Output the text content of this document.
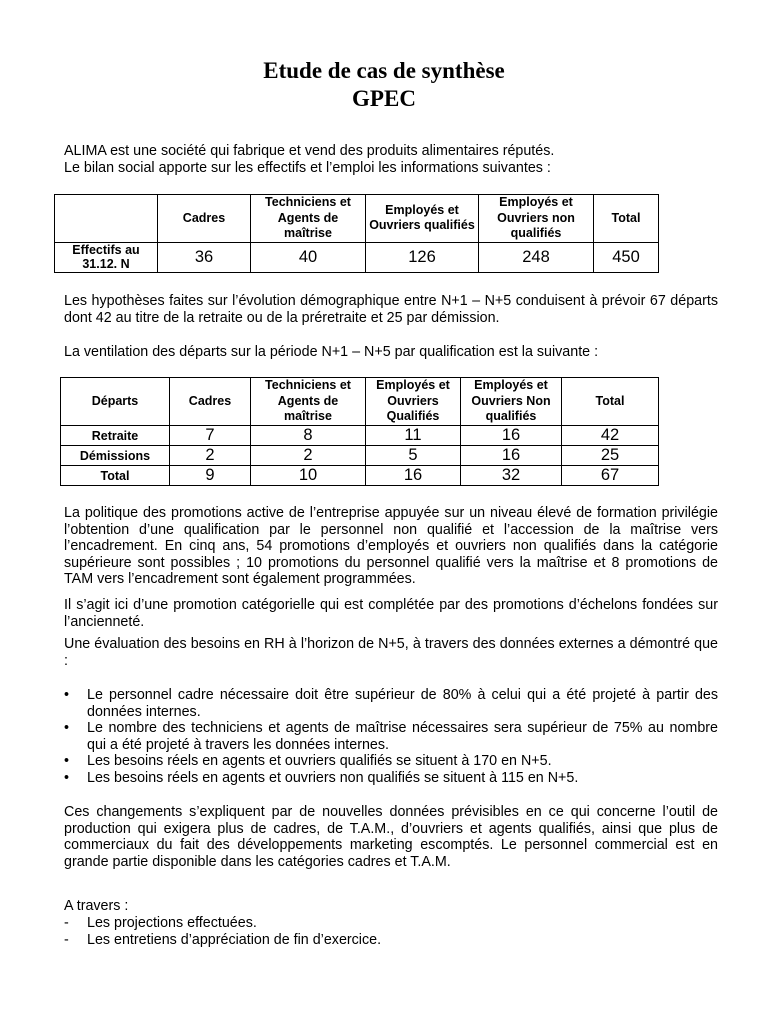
Etude de cas de synthèse
GPEC
ALIMA est une société qui fabrique et vend des produits alimentaires réputés.
Le bilan social apporte sur les effectifs et l’emploi les informations suivantes :
	Cadres	Techniciens et Agents de maîtrise	Employés et Ouvriers qualifiés	Employés et Ouvriers non qualifiés	Total
Effectifs au 31.12. N	36	40	126	248	450
Les hypothèses faites sur l’évolution démographique entre N+1 – N+5 conduisent à prévoir 67 départs dont 42 au titre de la retraite ou de la préretraite et 25 par démission.
La ventilation des départs sur la période N+1 – N+5 par qualification est la suivante :
Départs	Cadres	Techniciens et Agents de maîtrise	Employés et Ouvriers Qualifiés	Employés et Ouvriers Non qualifiés	Total
Retraite	7	8	11	16	42
Démissions	2	2	5	16	25
Total	9	10	16	32	67
La politique des promotions active de l’entreprise appuyée sur un niveau élevé de formation privilégie l’obtention d’une qualification par le personnel non qualifié et l’accession de la maîtrise vers l’encadrement. En cinq ans, 54 promotions d’employés et ouvriers non qualifiés dans la catégorie supérieure sont possibles ; 10 promotions du personnel qualifié vers la maîtrise et 8 promotions de TAM vers l’encadrement sont également programmées.
Il s’agit ici d’une promotion catégorielle qui est complétée par des promotions d’échelons fondées sur l’ancienneté.
Une évaluation des besoins en RH à l’horizon de N+5, à travers des données externes a démontré que :
• Le personnel cadre nécessaire doit être supérieur de 80% à celui qui a été projeté à partir des données internes.
• Le nombre des techniciens et agents de maîtrise nécessaires sera supérieur de 75% au nombre qui a été projeté à travers les données internes.
• Les besoins réels en agents et ouvriers qualifiés se situent à 170 en N+5.
• Les besoins réels en agents et ouvriers non qualifiés se situent à 115 en N+5.
Ces changements s’expliquent par de nouvelles données prévisibles en ce qui concerne l’outil de production qui exigera plus de cadres, de T.A.M., d’ouvriers et agents qualifiés, ainsi que plus de commerciaux du fait des développements marketing escomptés. Le personnel commercial est en grande partie disponible dans les catégories cadres et T.A.M.
A travers :
- Les projections effectuées.
- Les entretiens d’appréciation de fin d’exercice.
